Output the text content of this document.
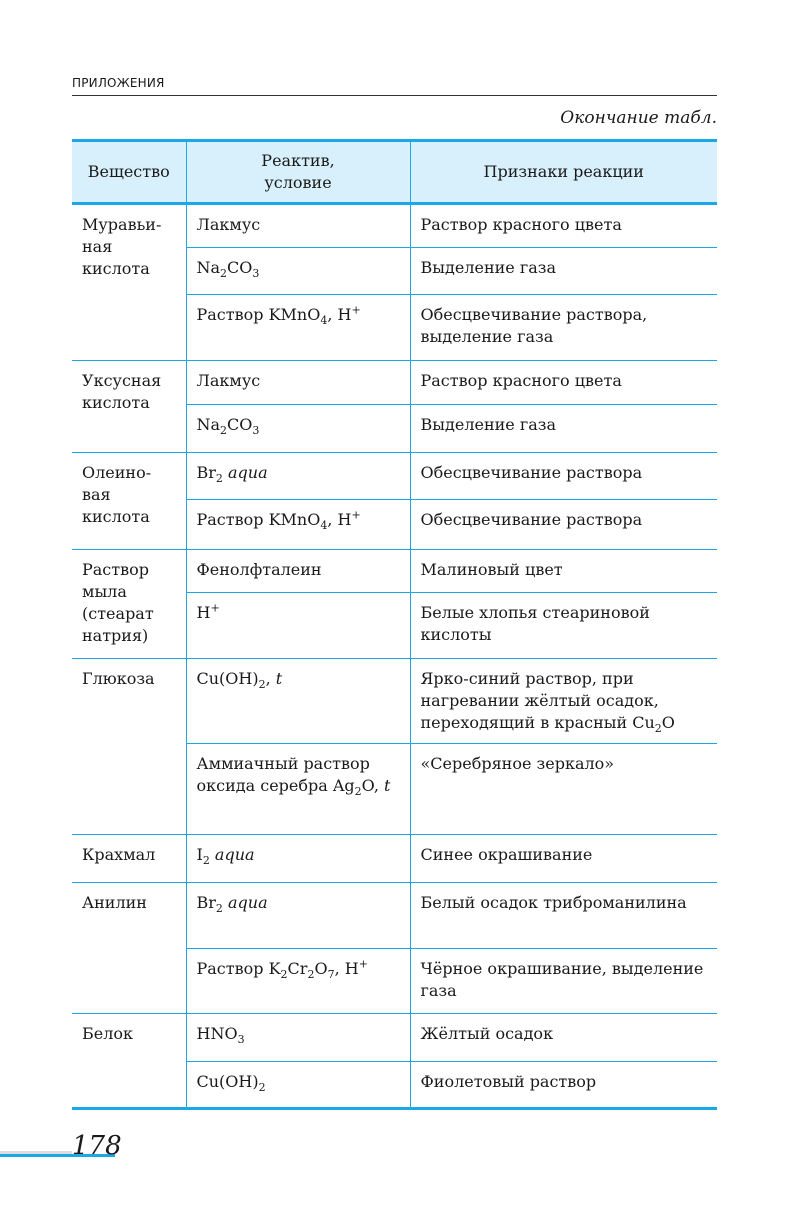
ПРИЛОЖЕНИЯ
Окончание табл.
Вещество	Реактив, условие	Признаки реакции
Муравьи-
ная
кислота	Лакмус	Раствор красного цвета
	$Na_2CO_3$	Выделение газа
	Раствор KMnO$_4$, H+	Обесцвечивание раствора, выделение газа
Уксусная
кислота	Лакмус	Раствор красного цвета
	$Na_2CO_3$	Выделение газа
Олеино-
вая
кислота	$Br_2$ aqua	Обесцвечивание раствора
	Раствор KMnO$_4$, H+	Обесцвечивание раствора
Раствор
мыла
(стеарат
натрия)	Фенолфталеин	Малиновый цвет
	H+	Белые хлопья стеариновой кислоты
Глюкоза	$Cu(OH)_2$, t	Ярко-синий раствор, при нагревании жёлтый осадок, переходящий в красный $Cu_2O$
	Аммиачный раствор оксида серебра $Ag_2O$, t	«Серебряное зеркало»
Крахмал	$I_2$ aqua	Синее окрашивание
Анилин	$Br_2$ aqua	Белый осадок триброманилина
	Раствор $K_2Cr_2O_7$, H+	Чёрное окрашивание, выделение газа
Белок	$HNO_3$	Жёлтый осадок
	$Cu(OH)_2$	Фиолетовый раствор
178
